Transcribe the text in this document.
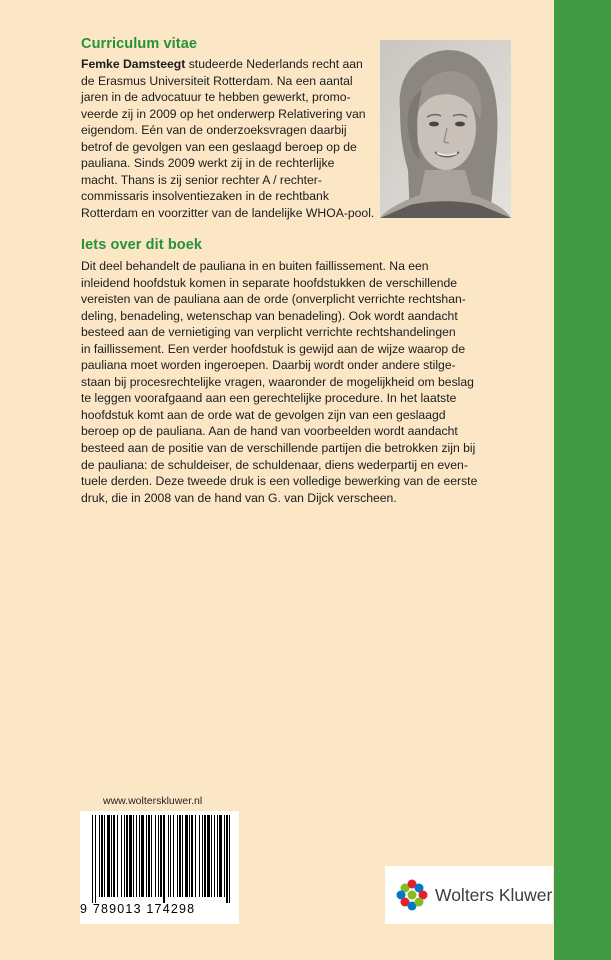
Curriculum vitae

Femke Damsteegt studeerde Nederlands recht aan
de Erasmus Universiteit Rotterdam. Na een aantal
jaren in de advocatuur te hebben gewerkt, promo-
veerde zij in 2009 op het onderwerp Relativering van
eigendom. Eén van de onderzoeksvragen daarbij
betrof de gevolgen van een geslaagd beroep op de
pauliana. Sinds 2009 werkt zij in de rechterlijke
macht. Thans is zij senior rechter A / rechter-
commissaris insolventiezaken in de rechtbank
Rotterdam en voorzitter van de landelijke WHOA-pool.

Iets over dit boek

Dit deel behandelt de pauliana in en buiten faillissement. Na een
inleidend hoofdstuk komen in separate hoofdstukken de verschillende
vereisten van de pauliana aan de orde (onverplicht verrichte rechtshan-
deling, benadeling, wetenschap van benadeling). Ook wordt aandacht
besteed aan de vernietiging van verplicht verrichte rechtshandelingen
in faillissement. Een verder hoofdstuk is gewijd aan de wijze waarop de
pauliana moet worden ingeroepen. Daarbij wordt onder andere stilge-
staan bij procesrechtelijke vragen, waaronder de mogelijkheid om beslag
te leggen voorafgaand aan een gerechtelijke procedure. In het laatste
hoofdstuk komt aan de orde wat de gevolgen zijn van een geslaagd
beroep op de pauliana. Aan de hand van voorbeelden wordt aandacht
besteed aan de positie van de verschillende partijen die betrokken zijn bij
de pauliana: de schuldeiser, de schuldenaar, diens wederpartij en even-
tuele derden. Deze tweede druk is een volledige bewerking van de eerste
druk, die in 2008 van de hand van G. van Dijck verscheen.

www.wolterskluwer.nl
9 789013 174298
Wolters Kluwer
